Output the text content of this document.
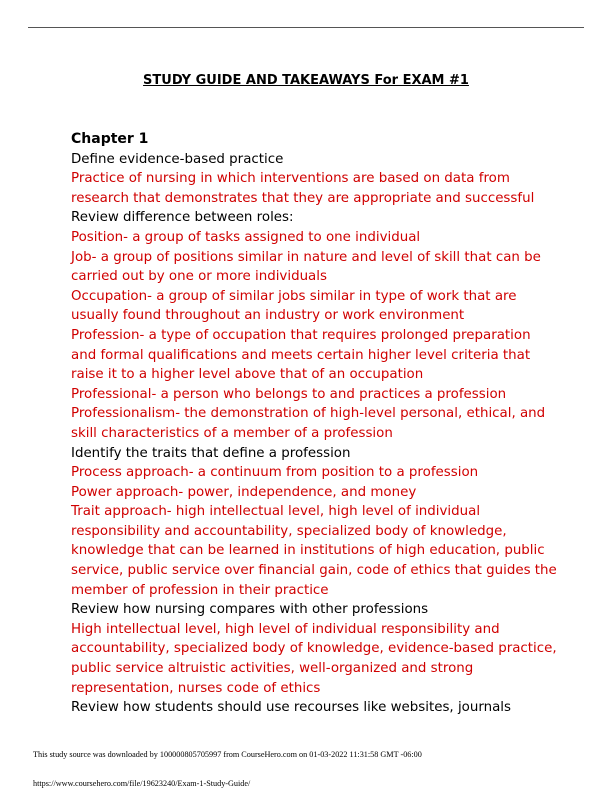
STUDY GUIDE AND TAKEAWAYS For EXAM #1
Chapter 1
Define evidence-based practice
Practice of nursing in which interventions are based on data from
research that demonstrates that they are appropriate and successful
Review difference between roles:
Position- a group of tasks assigned to one individual
Job- a group of positions similar in nature and level of skill that can be
carried out by one or more individuals
Occupation- a group of similar jobs similar in type of work that are
usually found throughout an industry or work environment
Profession- a type of occupation that requires prolonged preparation
and formal qualifications and meets certain higher level criteria that
raise it to a higher level above that of an occupation
Professional- a person who belongs to and practices a profession
Professionalism- the demonstration of high-level personal, ethical, and
skill characteristics of a member of a profession
Identify the traits that define a profession
Process approach- a continuum from position to a profession
Power approach- power, independence, and money
Trait approach- high intellectual level, high level of individual
responsibility and accountability, specialized body of knowledge,
knowledge that can be learned in institutions of high education, public
service, public service over financial gain, code of ethics that guides the
member of profession in their practice
Review how nursing compares with other professions
High intellectual level, high level of individual responsibility and
accountability, specialized body of knowledge, evidence-based practice,
public service altruistic activities, well-organized and strong
representation, nurses code of ethics
Review how students should use recourses like websites, journals
This study source was downloaded by 100000805705997 from CourseHero.com on 01-03-2022 11:31:58 GMT -06:00
https://www.coursehero.com/file/19623240/Exam-1-Study-Guide/
